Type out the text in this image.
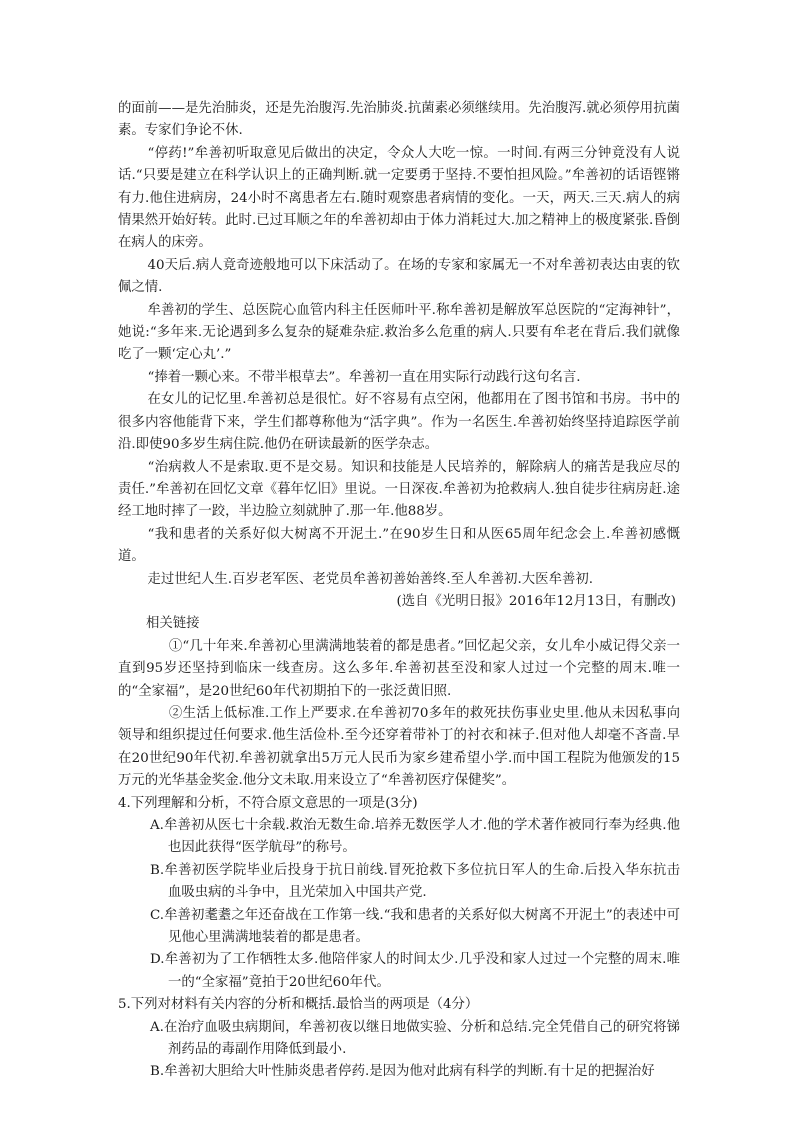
的面前——是先治肺炎，还是先治腹泻.先治肺炎.抗菌素必须继续用。先治腹泻.就必须停用抗菌素。专家们争论不休.

“停药!”牟善初听取意见后做出的决定，令众人大吃一惊。一时间.有两三分钟竟没有人说话.“只要是建立在科学认识上的正确判断.就一定要勇于坚持.不要怕担风险。”牟善初的话语铿锵有力.他住进病房，24小时不离患者左右.随时观察患者病情的变化。一天，两天.三天.病人的病情果然开始好转。此时.已过耳顺之年的牟善初却由于体力消耗过大.加之精神上的极度紧张.昏倒在病人的床旁。

40天后.病人竟奇迹般地可以下床活动了。在场的专家和家属无一不对牟善初表达由衷的钦佩之情.

牟善初的学生、总医院心血管内科主任医师叶平.称牟善初是解放军总医院的“定海神针”，她说:“多年来.无论遇到多么复杂的疑难杂症.救治多么危重的病人.只要有牟老在背后.我们就像吃了一颗‘定心丸’.”

“捧着一颗心来。不带半根草去”。牟善初一直在用实际行动践行这句名言.

在女儿的记忆里.牟善初总是很忙。好不容易有点空闲，他都用在了图书馆和书房。书中的很多内容他能背下来，学生们都尊称他为“活字典”。作为一名医生.牟善初始终坚持追踪医学前沿.即使90多岁生病住院.他仍在研读最新的医学杂志。

“治病救人不是索取.更不是交易。知识和技能是人民培养的，解除病人的痛苦是我应尽的责任.”牟善初在回忆文章《暮年忆旧》里说。一日深夜.牟善初为抢救病人.独自徒步往病房赶.途经工地时摔了一跤，半边脸立刻就肿了.那一年.他88岁。

“我和患者的关系好似大树离不开泥土.”在90岁生日和从医65周年纪念会上.牟善初感慨道。

走过世纪人生.百岁老军医、老党员牟善初善始善终.至人牟善初.大医牟善初.

(选自《光明日报》2016年12月13日，有删改)

相关链接

①“几十年来.牟善初心里满满地装着的都是患者。”回忆起父亲，女儿牟小威记得父亲一直到95岁还坚持到临床一线查房。这么多年.牟善初甚至没和家人过过一个完整的周末.唯一的“全家福”，是20世纪60年代初期拍下的一张泛黄旧照.

②生活上低标准.工作上严要求.在牟善初70多年的救死扶伤事业史里.他从未因私事向领导和组织提过任何要求.他生活俭朴.至今还穿着带补丁的衬衣和袜子.但对他人却毫不吝啬.早在20世纪90年代初.牟善初就拿出5万元人民币为家乡建希望小学.而中国工程院为他颁发的15万元的光华基金奖金.他分文未取.用来设立了“牟善初医疗保健奖”。

4.下列理解和分析，不符合原文意思的一项是(3分)

A.牟善初从医七十余载.救治无数生命.培养无数医学人才.他的学术著作被同行奉为经典.他也因此获得“医学航母”的称号。

B.牟善初医学院毕业后投身于抗日前线.冒死抢救下多位抗日军人的生命.后投入华东抗击血吸虫病的斗争中，且光荣加入中国共产党.

C.牟善初耄耋之年还奋战在工作第一线.“我和患者的关系好似大树离不开泥土”的表述中可见他心里满满地装着的都是患者。

D.牟善初为了工作牺牲太多.他陪伴家人的时间太少.几乎没和家人过过一个完整的周末.唯一的“全家福”竟拍于20世纪60年代。

5.下列对材料有关内容的分析和概括.最恰当的两项是（4分）

A.在治疗血吸虫病期间，牟善初夜以继日地做实验、分析和总结.完全凭借自己的研究将锑剂药品的毒副作用降低到最小.

B.牟善初大胆给大叶性肺炎患者停药.是因为他对此病有科学的判断.有十足的把握治好
